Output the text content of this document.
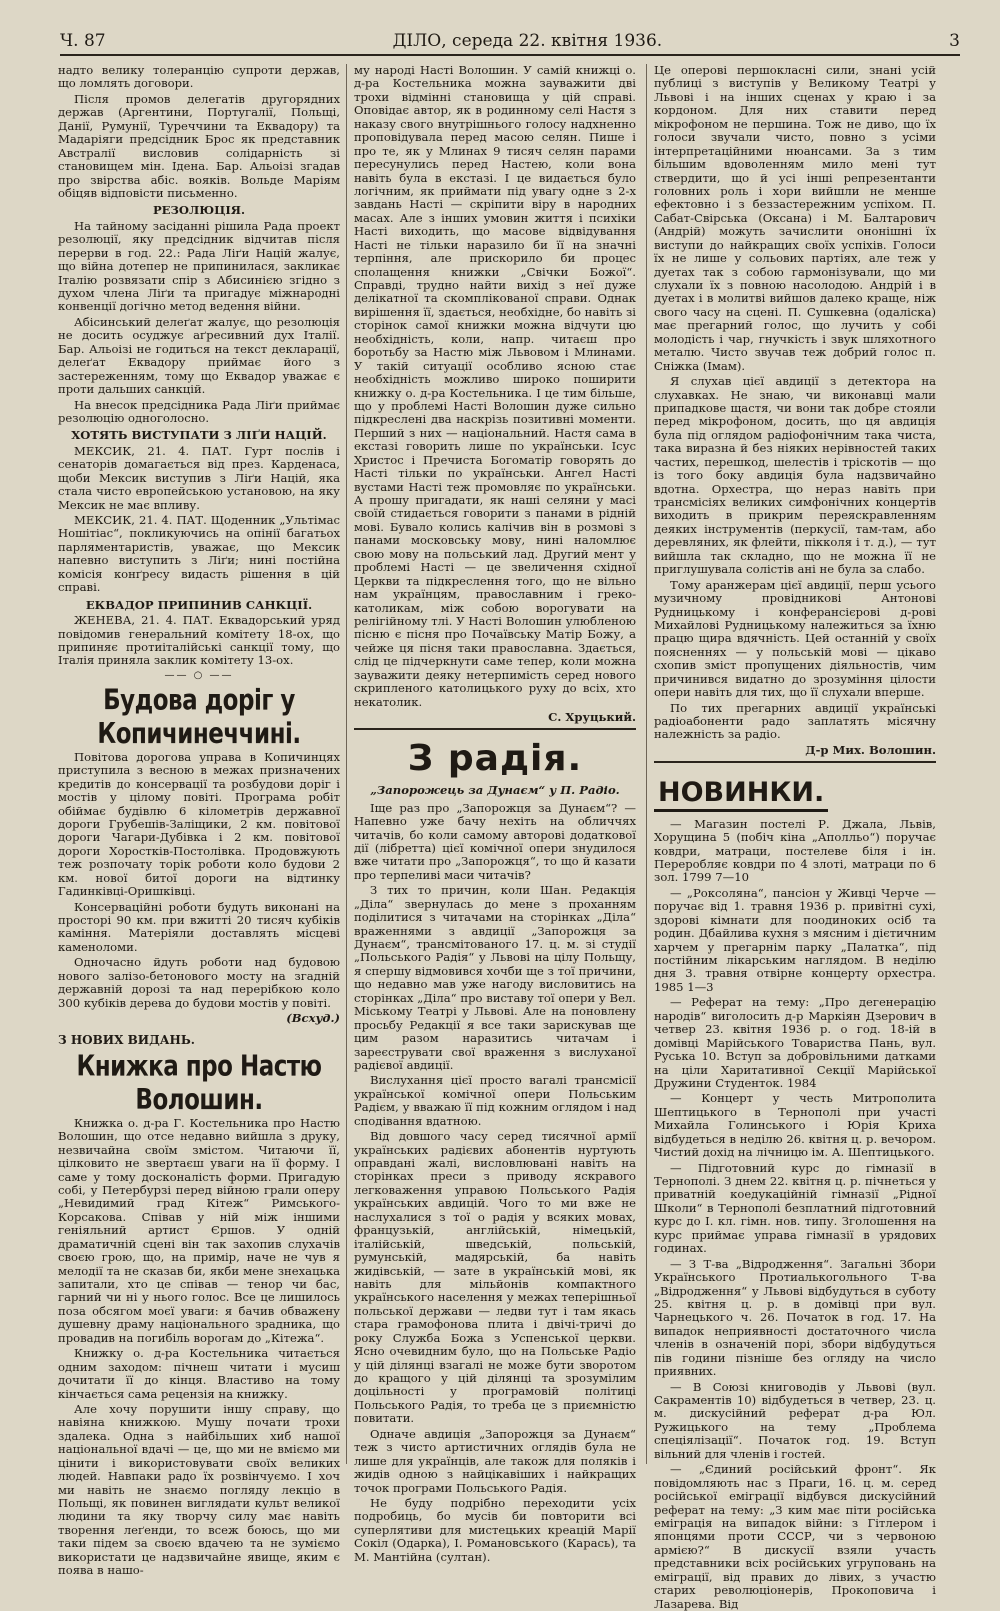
Ч. 87	ДІЛО, середа 22. квітня 1936.	3

надто велику толеранцію супроти держав, що ломлять договори.

Після промов делегатів другорядних держав (Аргентини, Португалії, Польщі, Данії, Румунії, Туреччини та Еквадору) та Мадаріяги предсідник Брос як представник Австралії висловив солідарність зі становищем мін. Ідена. Бар. Альоізі згадав про звірства абіс. вояків. Вольде Маріям обіцяв відповісти письменно.

РЕЗОЛЮЦІЯ.

На тайному засіданні рішила Рада проект резолюції, яку предсідник відчитав після перерви в год. 22.: Рада Ліґи Націй жалує, що війна дотепер не припинилася, закликає Італію розвязати спір з Абисинією згідно з духом члена Ліґи та пригадує міжнародні конвенції догічно метод ведення війни.

Абісинський делеґат жалує, що резолюція не досить осуджує аґресивний дух Італії. Бар. Альоізі не годиться на текст декларації, делеґат Еквадору приймає його з застереженням, тому що Еквадор уважає є проти дальших санкцій.

На внесок предсідника Рада Ліґи приймає резолюцію одноголосно.

ХОТЯТЬ ВИСТУПАТИ З ЛІҐИ НАЦІЙ.

МЕКСИК, 21. 4. ПАТ. Гурт послів і сенаторів домагається від през. Карденаса, щоби Мексик виступив з Ліґи Націй, яка стала чисто европейською установою, на яку Мексик не має впливу.

МЕКСИК, 21. 4. ПАТ. Щоденник „Ультімас Ношітіас“, покликуючись на опінії багатьох парляментаристів, уважає, що Мексик напевно виступить з Ліґи; нині постійна комісія конґресу видасть рішення в цій справі.

ЕКВАДОР ПРИПИНИВ САНКЦІЇ.

ЖЕНЕВА, 21. 4. ПАТ. Еквадорський уряд повідомив генеральний комітету 18-ох, що припиняє протиіталійські санкції тому, що Італія приняла заклик комітету 13-ох.

—— ○ ——
Будова доріг у Копичинеччині.

Повітова дорогова управа в Копичинцях приступила з весною в межах призначених кредитів до консервації та розбудови доріг і мостів у цілому повіті. Програма робіт обіймає будівлю 6 кілометрів державної дороги Грубешів-Заліщики, 2 км. повітової дороги Чагари-Дубівка і 2 км. повітової дороги Хоростків-Постолівка. Продовжують теж розпочату торік роботи коло будови 2 км. нової битої дороги на відтинку Гадинківці-Оришківці.

Консерваційні роботи будуть виконані на просторі 90 км. при вжитті 20 тисяч кубіків каміння. Матеріяли доставлять місцеві каменоломи.

Одночасно йдуть роботи над будовою нового залізо-бетонового мосту на згадній державній дорозі та над перерібкою коло 300 кубіків дерева до будови мостів у повіті.

(Всхуд.)
З НОВИХ ВИДАНЬ.
Книжка про Настю Волошин.

Книжка о. д-ра Г. Костельника про Настю Волошин, що отсе недавно вийшла з друку, незвичайна своїм змістом. Читаючи її, цілковито не звертаєш уваги на її форму. І саме у тому досконалість форми. Пригадую собі, у Петербурзі перед війною грали оперу „Невидимий град Кітеж“ Римського-Корсакова. Співав у ній між іншими геніяльний артист Єршов. У одній драматичній сцені він так захопив слухачів своєю грою, що, на примір, наче не чув я мелодії та не сказав би, якби мене знехацька запитали, хто це співав — тенор чи бас, гарний чи ні у нього голос. Все це лишилось поза обсягом моєї уваги: я бачив обважену душевну драму національного зрадника, що провадив на погибіль ворогам до „Кітежа“.

Книжку о. д-ра Костельника читається одним заходом: пічнеш читати і мусиш дочитати її до кінця. Властиво на тому кінчається сама рецензія на книжку.

Але хочу порушити іншу справу, що навіяна книжкою. Мушу почати трохи здалека. Одна з найбільших хиб нашої національної вдачі — це, що ми не вміємо ми цінити і використовувати своїх великих людей. Навпаки радо їх розвінчуємо. І хоч ми навіть не знаємо погляду лекціо в Польщі, як повинен виглядати культ великої людини та яку творчу силу має навіть творення леґенди, то всеж боюсь, що ми таки підем за своєю вдачею та не зуміємо використати це надзвичайне явище, яким є поява в нашо-

му народі Насті Волошин. У самій книжці о. д-ра Костельника можна зауважити дві трохи відмінні становища у цій справі. Оповідає автор, як в родинному селі Настя з наказу свого внутрішнього голосу надхненно проповідувала перед масою селян. Пише і про те, як у Млинах 9 тисяч селян парами пересунулись перед Настею, коли вона навіть була в екстазі. І це видається було логічним, як приймати під увагу одне з 2-х завдань Насті — скріпити віру в народних масах. Але з інших умовин життя і психіки Насті виходить, що масове відвідування Насті не тільки наразило би її на значні терпіння, але прискорило би процес сполащення книжки „Свічки Божої“. Справді, трудно найти вихід з неї дуже делікатної та скомплікованої справи. Однак вирішення її, здається, необхідне, бо навіть зі сторінок самої книжки можна відчути цю необхідність, коли, напр. читаєш про боротьбу за Настю між Львовом і Млинами. У такій ситуації особливо ясною стає необхідність можливо широко поширити книжку о. д-ра Костельника. І це тим більше, що у проблемі Насті Волошин дуже сильно підкреслені два наскрізь позитивні моменти. Перший з них — національний. Настя сама в екстазі говорить лише по українськи. Ісус Христос і Пречиста Богоматір говорять до Насті тільки по українськи. Ангел Насті вустами Насті теж промовляє по українськи. А прошу пригадати, як наші селяни у масі своїй стидається говорити з панами в рідній мові. Бувало колись калічив він в розмові з панами московську мову, нині наломлює свою мову на польський лад. Другий мент у проблемі Насті — це звеличення східної Церкви та підкреслення того, що не вільно нам українцям, православним і греко-католикам, між собою ворогувати на релігійному тлі. У Насті Волошин улюбленою пісню є пісня про Почаївську Матір Божу, а чейже ця пісня таки православна. Здається, слід це підчеркнути саме тепер, коли можна зауважити деяку нетерпимість серед нового скрипленого католицького руху до всіх, хто некатолик.

С. Хруцький.
З радія.
„Запорожець за Дунаєм“ у П. Радіо.

Іще раз про „Запорожця за Дунаєм“? — Напевно уже бачу нехіть на обличчях читачів, бо коли самому авторові додаткової дії (лібретта) цієї комічної опери знудилося вже читати про „Запорожця“, то що й казати про терпеливі маси читачів?

З тих то причин, коли Шан. Редакція „Діла“ звернулась до мене з проханням поділитися з читачами на сторінках „Діла“ враженнями з авдиції „Запорожця за Дунаєм“, трансмітованого 17. ц. м. зі студії „Польського Радія“ у Львові на цілу Польщу, я спершу відмовився хочби ще з тої причини, що недавно мав уже нагоду висловитись на сторінках „Діла“ про виставу тої опери у Вел. Міському Театрі у Львові. Але на поновлену просьбу Редакції я все таки зарискував ще цим разом наразитись читачам і зареєструвати свої враження з вислуханої радієвої авдиції.

Вислухання цієї просто вагалі трансмісії української комічної опери Польським Радієм, у вважаю її під кожним оглядом і над сподівання вдатною.

Від довшого часу серед тисячної армії українських радієвих абонентів нуртують оправдані жалі, висловлювані навіть на сторінках преси з приводу яскравого легковаження управою Польського Радія українських авдицій. Чого то ми вже не наслухалися з тої о радія у всяких мовах, французькій, англійській, німецькій, італійській, шведській, польській, румунській, мадярській, ба навіть жидівській, — зате в українській мові, як навіть для мільйонів компактного українського населення у межах теперішньої польської держави — ледви тут і там якась стара грамофонова плита і двічі-тричі до року Служба Божа з Успенської церкви. Ясно очевидним було, що на Польське Радіо у цій ділянці взагалі не може бути зворотом до кращого у цій ділянці та зрозумілим доцільності у програмовій політиці Польського Радія, то треба це з приємністю повитати.

Одначе авдиція „Запорожця за Дунаєм“ теж з чисто артистичних оглядів була не лише для українців, але також для поляків і жидів одною з найцікавіших і найкращих точок програми Польського Радія.

Не буду подрібно переходити усіх подробиць, бо мусів би повторити всі суперлятиви для мистецьких креацій Марії Сокіл (Одарка), І. Романовського (Карась), та М. Мантійна (султан).

Це оперові першокласні сили, знані усій публиці з виступів у Великому Театрі у Львові і на інших сценах у краю і за кордоном. Для них ставити перед мікрофоном не першина. Тож не диво, що їх голоси звучали чисто, повно з усіми інтерпретаційними нюансами. За з тим більшим вдоволенням мило мені тут ствердити, що й усі інші репрезентанти головних роль і хори вийшли не менше ефектовно і з беззастережним успіхом. П. Сабат-Свірська (Оксана) і М. Балтарович (Андрій) можуть зачислити ононішні їх виступи до найкращих своїх успіхів. Голоси їх не лише у сольових партіях, але теж у дуетах так з собою гармонізували, що ми слухали їх з повною насолодою. Андрій і в дуетах і в молитві вийшов далеко краще, ніж свого часу на сцені. П. Сушкевна (одаліска) має прегарний голос, що лучить у собі молодість і чар, гнучкість і звук шляхотного металю. Чисто звучав теж добрий голос п. Сніжка (Імам).

Я слухав цієї авдиції з детектора на слухавках. Не знаю, чи виконавці мали припадкове щастя, чи вони так добре стояли перед мікрофоном, досить, що ця авдиція була під оглядом радіофонічним така чиста, така виразна й без ніяких нерівностей таких частих, перешкод, шелестів і тріскотів — що із того боку авдиція була надзвичайно вдотна. Орхестра, що нераз навіть при трансмісіях великих симфонічних концертів виходить в прикрим переяскравленням деяких інструментів (перкусії, там-там, або деревляних, як флейти, пікколя і т. д.), — тут вийшла так складно, що не можна її не приглушувала солістів ані не була за слабо.

Тому аранжерам цієї авдиції, перш усього музичному провідникові Антонові Рудницькому і конферансієрові д-рові Михайлові Рудницькому належиться за їхню працю щира вдячність. Цей останній у своїх поясненнях — у польській мові — цікаво схопив зміст пропущених діяльностів, чим причинився видатно до зрозуміння цілости опери навіть для тих, що її слухали вперше.

По тих прегарних авдиції українські радіоабоненти радо заплатять місячну належність за радіо.

Д-р Мих. Волошин.
НОВИНКИ.

— Магазин постелі Р. Джала, Львів, Хорущина 5 (побіч кіна „Аполльо“) поручає ковдри, матраци, постелеве біля і ін. Переробляє ковдри по 4 злоті, матраци по 6 зол. 1799 7—10

— „Роксоляна“, пансіон у Живці Черче — поручає від 1. травня 1936 р. привітні сухі, здорові кімнати для поодиноких осіб та родин. Дбайлива кухня з мясним і дієтичним харчем у прегарнім парку „Палатка“, під постійним лікарським наглядом. В неділю дня 3. травня отвірне концерту орхестра. 1985 1—3

— Реферат на тему: „Про дегенерацію народів“ виголосить д-р Маркіян Дзерович в четвер 23. квітня 1936 р. о год. 18-ій в домівці Марійського Товариства Пань, вул. Руська 10. Вступ за добровільними датками на ціли Харитативної Секції Марійської Дружини Студенток. 1984

— Концерт у честь Митрополита Шептицького в Тернополі при участі Михайла Голинського і Юрія Криха відбудеться в неділю 26. квітня ц. р. вечором. Чистий дохід на лічницю ім. А. Шептицького.

— Підготовний курс до гімназії в Тернополі. З днем 22. квітня ц. р. пічнеться у приватній коедукаційній гімназії „Рідної Школи“ в Тернополі безплатний підготовний курс до І. кл. гімн. нов. типу. Зголошення на курс приймає управа гімназії в урядових годинах.

— З Т-ва „Відродження“. Загальні Збори Українського Протиалькогольного Т-ва „Відродження“ у Львові відбудуться в суботу 25. квітня ц. р. в домівці при вул. Чарнецького ч. 26. Початок в год. 17. На випадок неприявності достаточного числа членів в означеній порі, збори відбудуться пів години пізніше без огляду на число приявних.

— В Союзі книговодів у Львові (вул. Сакраментів 10) відбудеться в четвер, 23. ц. м. дискусійний реферат д-ра Юл. Ружицького на тему „Проблема спеціялізації“. Початок год. 19. Вступ вільний для членів і гостей.

— „Єдиний російський фронт“. Як повідомляють нас з Праги, 16. ц. м. серед російської еміграції відбувся дискусійний реферат на тему: „З ким має піти російська еміграція на випадок війни: з Гітлером і японцями проти СССР, чи з червоною армією?“ В дискусії взяли участь представники всіх російських угруповань на еміграції, від правих до лівих, з участю старих революціонерів, Прокоповича і Лазарева. Від
